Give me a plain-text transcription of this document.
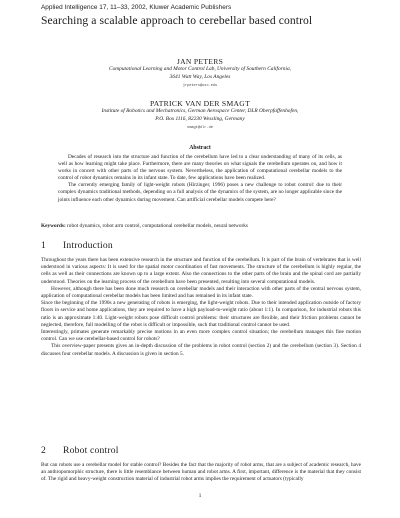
Applied Intelligence 17, 11–33, 2002, Kluwer Academic Publishers
Searching a scalable approach to cerebellar based control
JAN PETERS
Computational Learning and Motor Control Lab, University of Southern California,
3641 Watt Way, Los Angeles
jrpeters@usc.edu
PATRICK VAN DER SMAGT
Institute of Robotics and Mechatronics, German Aerospace Center, DLR Oberpfaffenhofen,
P.O. Box 1116, 82230 Wessling, Germany
smagt@dlr.de
Abstract
Decades of research into the structure and function of the cerebellum have led to a clear understanding of many of its cells, as well as how learning might take place. Furthermore, there are many theories on what signals the cerebellum operates on, and how it works in concert with other parts of the nervous system. Nevertheless, the application of computational cerebellar models to the control of robot dynamics remains in its infant state. To date, few applications have been realized.
The currently emerging family of light-weight robots (Hirzinger, 1996) poses a new challenge to robot control: due to their complex dynamics traditional methods, depending on a full analysis of the dynamics of the system, are no longer applicable since the joints influence each other dynamics during movement. Can artificial cerebellar models compete here?
Keywords: robot dynamics, robot arm control, computational cerebellar models, neural networks
1 Introduction

Throughout the years there has been extensive research in the structure and function of the cerebellum. It is part of the brain of vertebrates that is well understood in various aspects: It is used for the spatial motor coordination of fast movements. The structure of the cerebellum is highly regular, the cells as well as their connections are known up to a large extent. Also the connections to the other parts of the brain and the spinal cord are partially understood. Theories on the learning process of the cerebellum have been presented, resulting into several computational models.

However, although there has been done much research on cerebellar models and their interaction with other parts of the central nervous system, application of computational cerebellar models has been limited and has remained in its infant state.

Since the beginning of the 1990s a new generating of robots is emerging, the light-weight robots. Due to their intended application outside of factory floors in service and home applications, they are required to have a high payload-to-weight ratio (about 1:1). In comparison, for industrial robots this ratio is an approximate 1:40. Light-weight robots pose difficult control problems: their structures are flexible, and their friction problems cannot be neglected, therefore, full modelling of the robot is difficult or impossible, such that traditional control cannot be used.

Interestingly, primates generate remarkably precise motions in an even more complex control situation; the cerebellum manages this fine motion control. Can we use cerebellar-based control for robots?

This overview-paper presents gives an in-depth discussion of the problems in robot control (section 2) and the cerebellum (section 3). Section 4 discusses four cerebellar models. A discussion is given in section 5.

2 Robot control

But can robots use a cerebellar model for stable control? Besides the fact that the majority of robot arms, that are a subject of academic research, have an anthropomorphic structure, there is little resemblance between human and robot arms. A first, important, difference is the material that they consist of. The rigid and heavy-weight construction material of industrial robot arms implies the requirement of actuators (typically

1
